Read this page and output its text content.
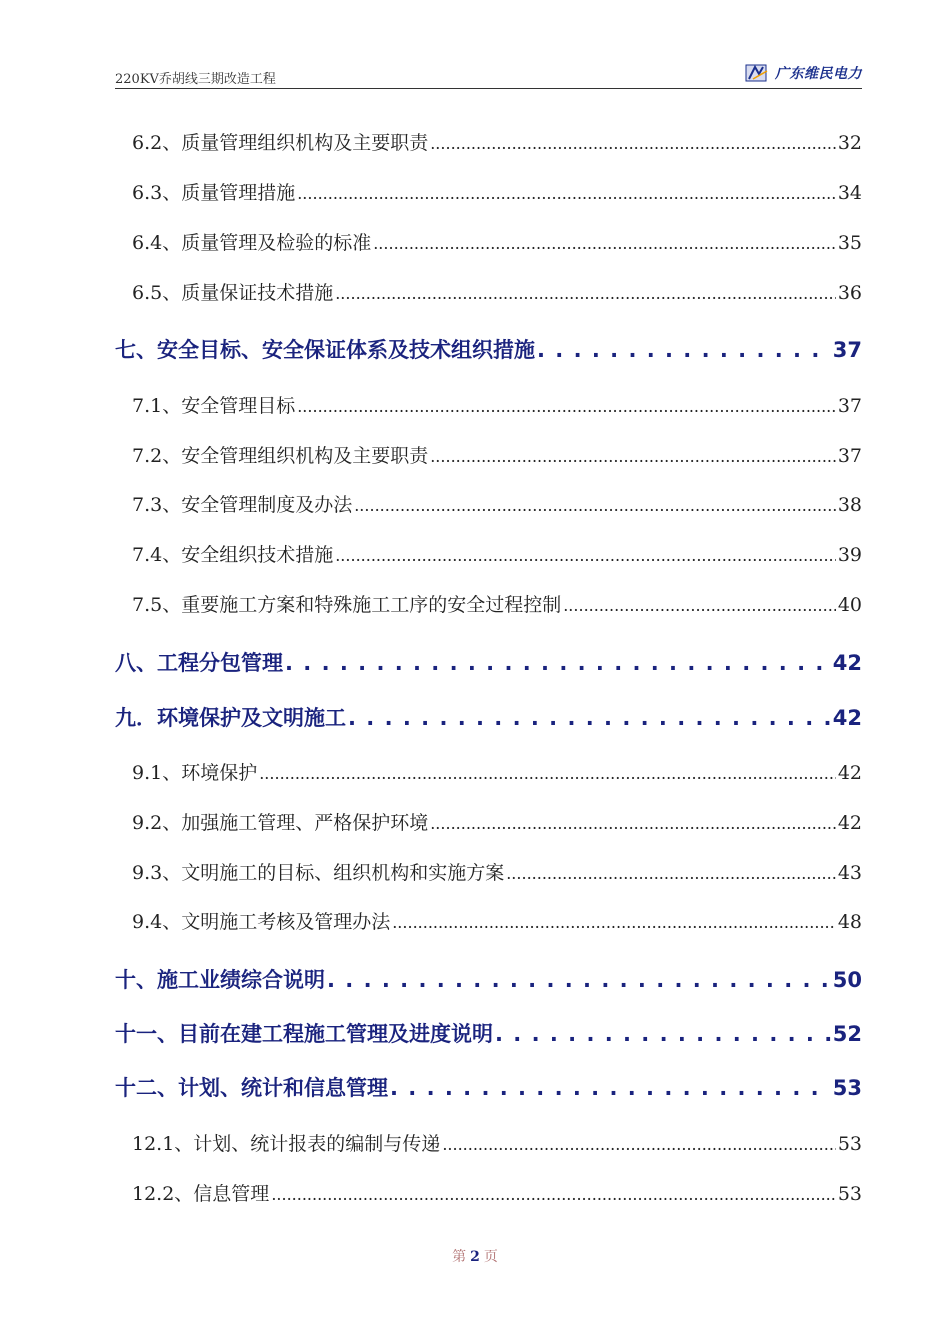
220KV乔胡线三期改造工程	广东维民电力
6.2、质量管理组织机构及主要职责 .....	32
6.3、质量管理措施 .....	34
6.4、质量管理及检验的标准 .....	35
6.5、质量保证技术措施 .....	36
七、安全目标、安全保证体系及技术组织措施 . . .	37
7.1、安全管理目标 .....	37
7.2、安全管理组织机构及主要职责 .....	37
7.3、安全管理制度及办法 .....	38
7.4、安全组织技术措施 .....	39
7.5、重要施工方案和特殊施工工序的安全过程控制 .....	40
八、工程分包管理 . . .	42
九．环境保护及文明施工 . . .	42
9.1、环境保护 .....	42
9.2、加强施工管理、严格保护环境 .....	42
9.3、文明施工的目标、组织机构和实施方案 .....	43
9.4、文明施工考核及管理办法 .....	48
十、施工业绩综合说明 . . .	50
十一、目前在建工程施工管理及进度说明 . . .	52
十二、计划、统计和信息管理 . . .	53
12.1、计划、统计报表的编制与传递 .....	53
12.2、信息管理 .....	53
第 2 页
